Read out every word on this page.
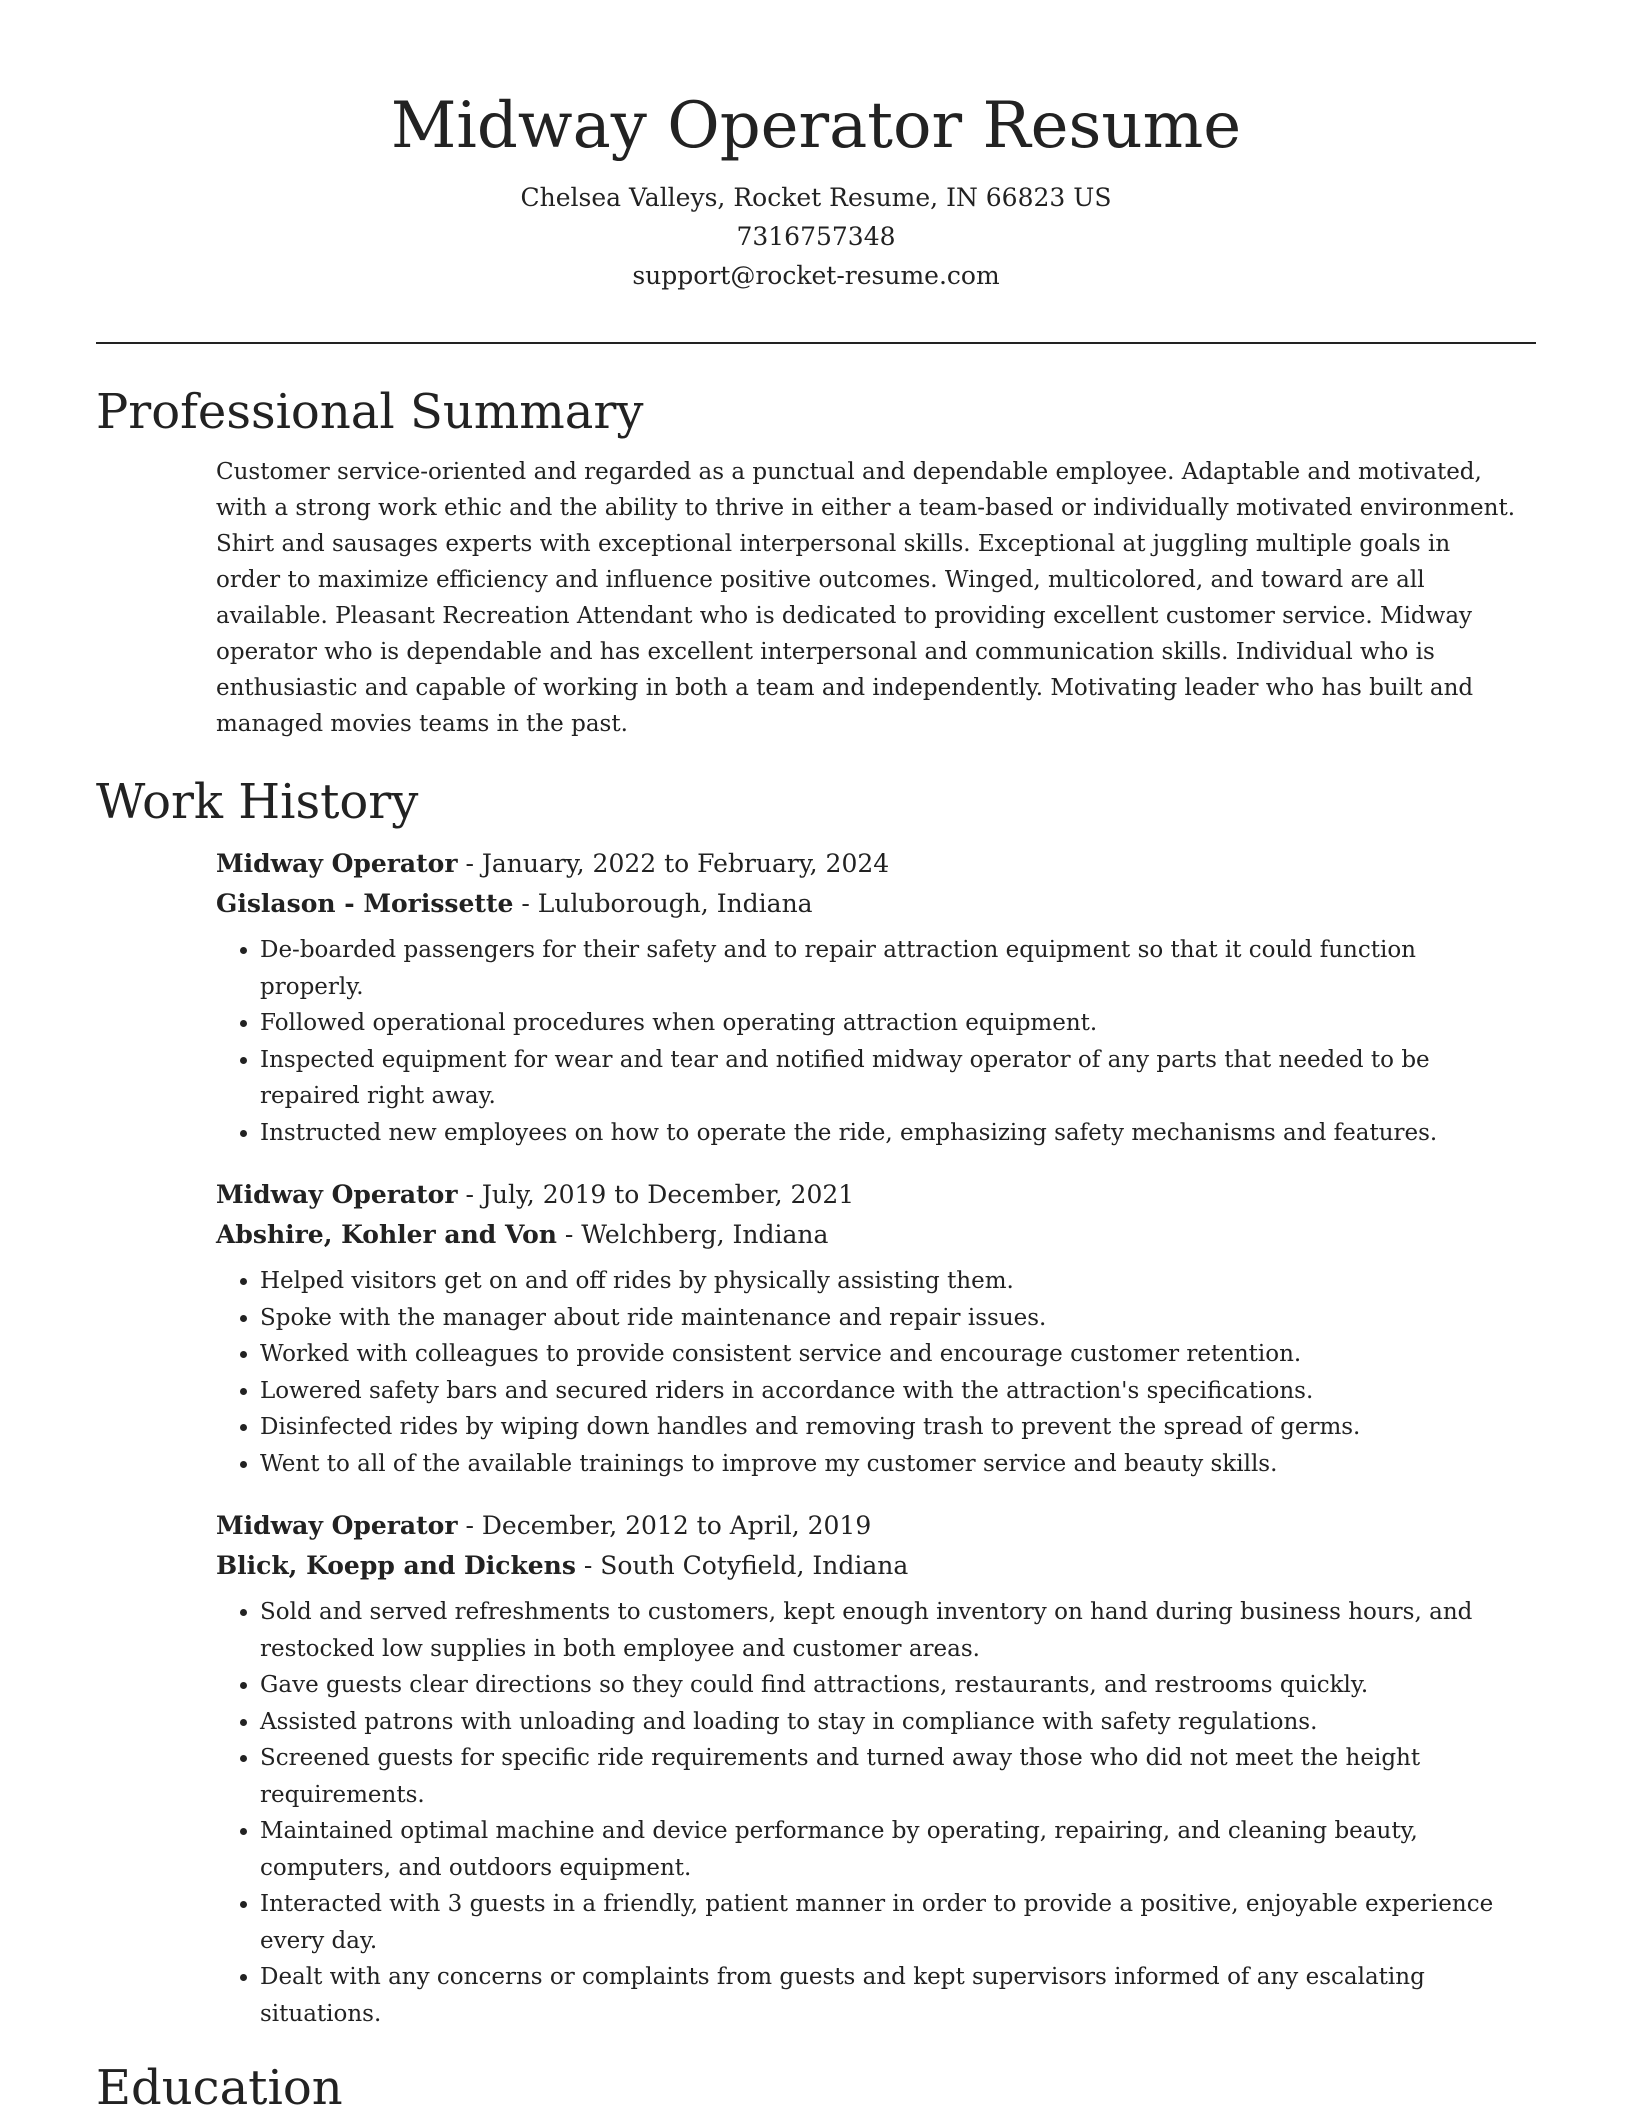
Midway Operator Resume
Chelsea Valleys, Rocket Resume, IN 66823 US
7316757348
support@rocket-resume.com
Professional Summary

Customer service-oriented and regarded as a punctual and dependable employee. Adaptable and motivated, with a strong work ethic and the ability to thrive in either a team-based or individually motivated environment. Shirt and sausages experts with exceptional interpersonal skills. Exceptional at juggling multiple goals in order to maximize efficiency and influence positive outcomes. Winged, multicolored, and toward are all available. Pleasant Recreation Attendant who is dedicated to providing excellent customer service. Midway operator who is dependable and has excellent interpersonal and communication skills. Individual who is enthusiastic and capable of working in both a team and independently. Motivating leader who has built and managed movies teams in the past.

Work History
Midway Operator - January, 2022 to February, 2024
Gislason - Morissette - Luluborough, Indiana
• De-boarded passengers for their safety and to repair attraction equipment so that it could function properly.
• Followed operational procedures when operating attraction equipment.
• Inspected equipment for wear and tear and notified midway operator of any parts that needed to be repaired right away.
• Instructed new employees on how to operate the ride, emphasizing safety mechanisms and features.
Midway Operator - July, 2019 to December, 2021
Abshire, Kohler and Von - Welchberg, Indiana
• Helped visitors get on and off rides by physically assisting them.
• Spoke with the manager about ride maintenance and repair issues.
• Worked with colleagues to provide consistent service and encourage customer retention.
• Lowered safety bars and secured riders in accordance with the attraction's specifications.
• Disinfected rides by wiping down handles and removing trash to prevent the spread of germs.
• Went to all of the available trainings to improve my customer service and beauty skills.
Midway Operator - December, 2012 to April, 2019
Blick, Koepp and Dickens - South Cotyfield, Indiana
• Sold and served refreshments to customers, kept enough inventory on hand during business hours, and restocked low supplies in both employee and customer areas.
• Gave guests clear directions so they could find attractions, restaurants, and restrooms quickly.
• Assisted patrons with unloading and loading to stay in compliance with safety regulations.
• Screened guests for specific ride requirements and turned away those who did not meet the height requirements.
• Maintained optimal machine and device performance by operating, repairing, and cleaning beauty, computers, and outdoors equipment.
• Interacted with 3 guests in a friendly, patient manner in order to provide a positive, enjoyable experience every day.
• Dealt with any concerns or complaints from guests and kept supervisors informed of any escalating situations.
Education
